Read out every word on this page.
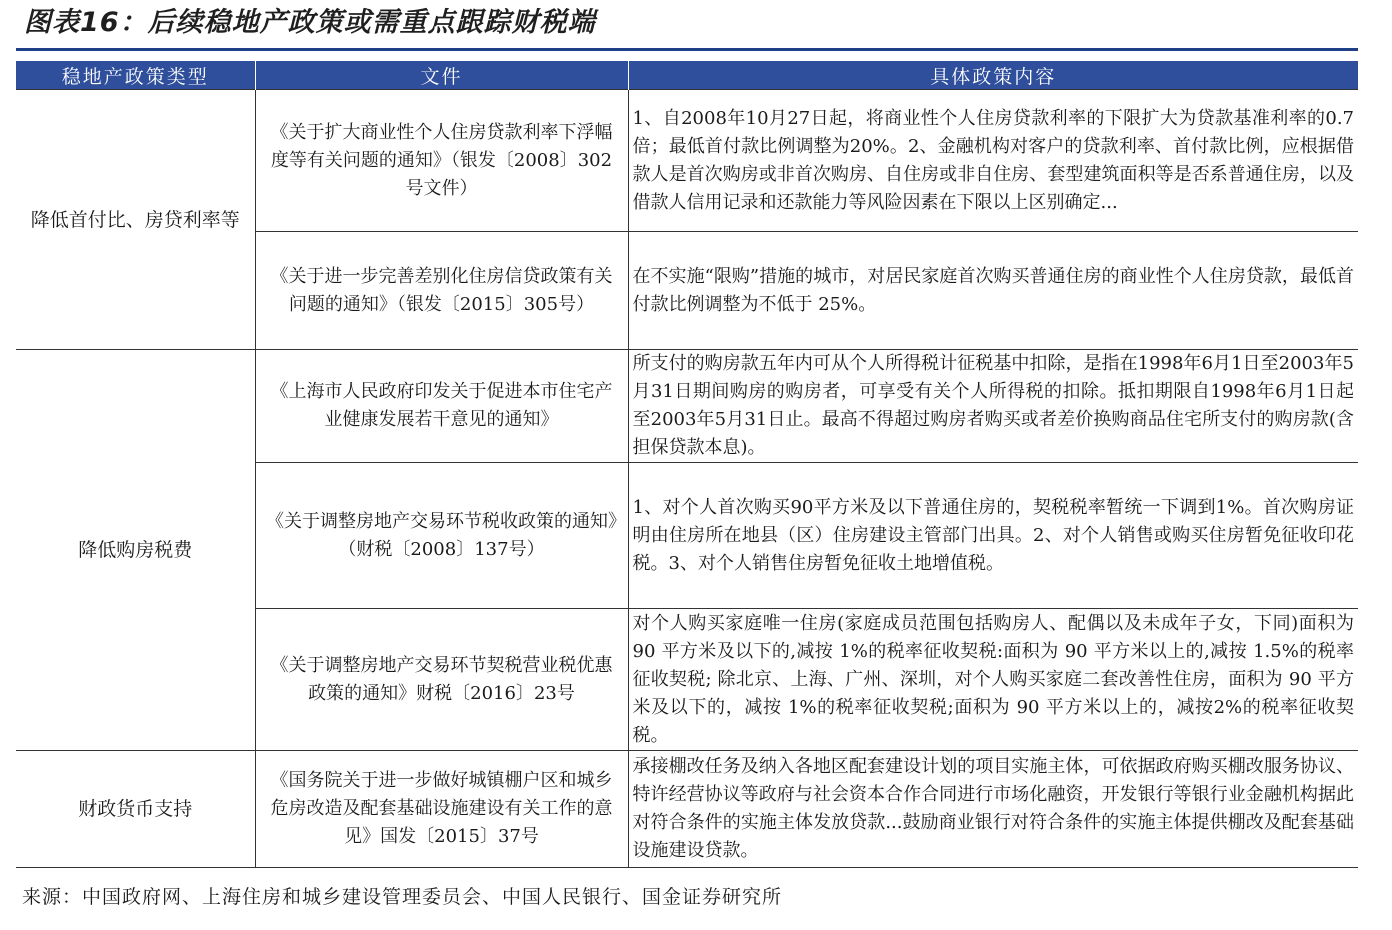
图表16：后续稳地产政策或需重点跟踪财税端
稳地产政策类型	文件	具体政策内容
降低首付比、房贷利率等	《关于扩大商业性个人住房贷款利率下浮幅度等有关问题的通知》（银发〔2008〕302号文件）	1、自2008年10月27日起，将商业性个人住房贷款利率的下限扩大为贷款基准利率的0.7倍；最低首付款比例调整为20%。2、金融机构对客户的贷款利率、首付款比例，应根据借款人是首次购房或非首次购房、自住房或非自住房、套型建筑面积等是否系普通住房，以及借款人信用记录和还款能力等风险因素在下限以上区别确定...
	《关于进一步完善差别化住房信贷政策有关问题的通知》（银发〔2015〕305号）	在不实施“限购”措施的城市，对居民家庭首次购买普通住房的商业性个人住房贷款，最低首付款比例调整为不低于 25%。
降低购房税费	《上海市人民政府印发关于促进本市住宅产业健康发展若干意见的通知》	所支付的购房款五年内可从个人所得税计征税基中扣除，是指在1998年6月1日至2003年5月31日期间购房的购房者，可享受有关个人所得税的扣除。抵扣期限自1998年6月1日起至2003年5月31日止。最高不得超过购房者购买或者差价换购商品住宅所支付的购房款(含担保贷款本息)。
	《关于调整房地产交易环节税收政策的通知》（财税〔2008〕137号）	1、对个人首次购买90平方米及以下普通住房的，契税税率暂统一下调到1%。首次购房证明由住房所在地县（区）住房建设主管部门出具。2、对个人销售或购买住房暂免征收印花税。3、对个人销售住房暂免征收土地增值税。
	《关于调整房地产交易环节契税营业税优惠政策的通知》财税〔2016〕23号	对个人购买家庭唯一住房(家庭成员范围包括购房人、配偶以及未成年子女，下同)面积为 90 平方米及以下的,减按 1%的税率征收契税:面积为 90 平方米以上的,减按 1.5%的税率征收契税; 除北京、上海、广州、深圳，对个人购买家庭二套改善性住房，面积为 90 平方米及以下的，减按 1%的税率征收契税;面积为 90 平方米以上的，减按2%的税率征收契税。
财政货币支持	《国务院关于进一步做好城镇棚户区和城乡危房改造及配套基础设施建设有关工作的意见》国发〔2015〕37号	承接棚改任务及纳入各地区配套建设计划的项目实施主体，可依据政府购买棚改服务协议、特许经营协议等政府与社会资本合作合同进行市场化融资，开发银行等银行业金融机构据此对符合条件的实施主体发放贷款...鼓励商业银行对符合条件的实施主体提供棚改及配套基础设施建设贷款。
来源：中国政府网、上海住房和城乡建设管理委员会、中国人民银行、国金证券研究所
